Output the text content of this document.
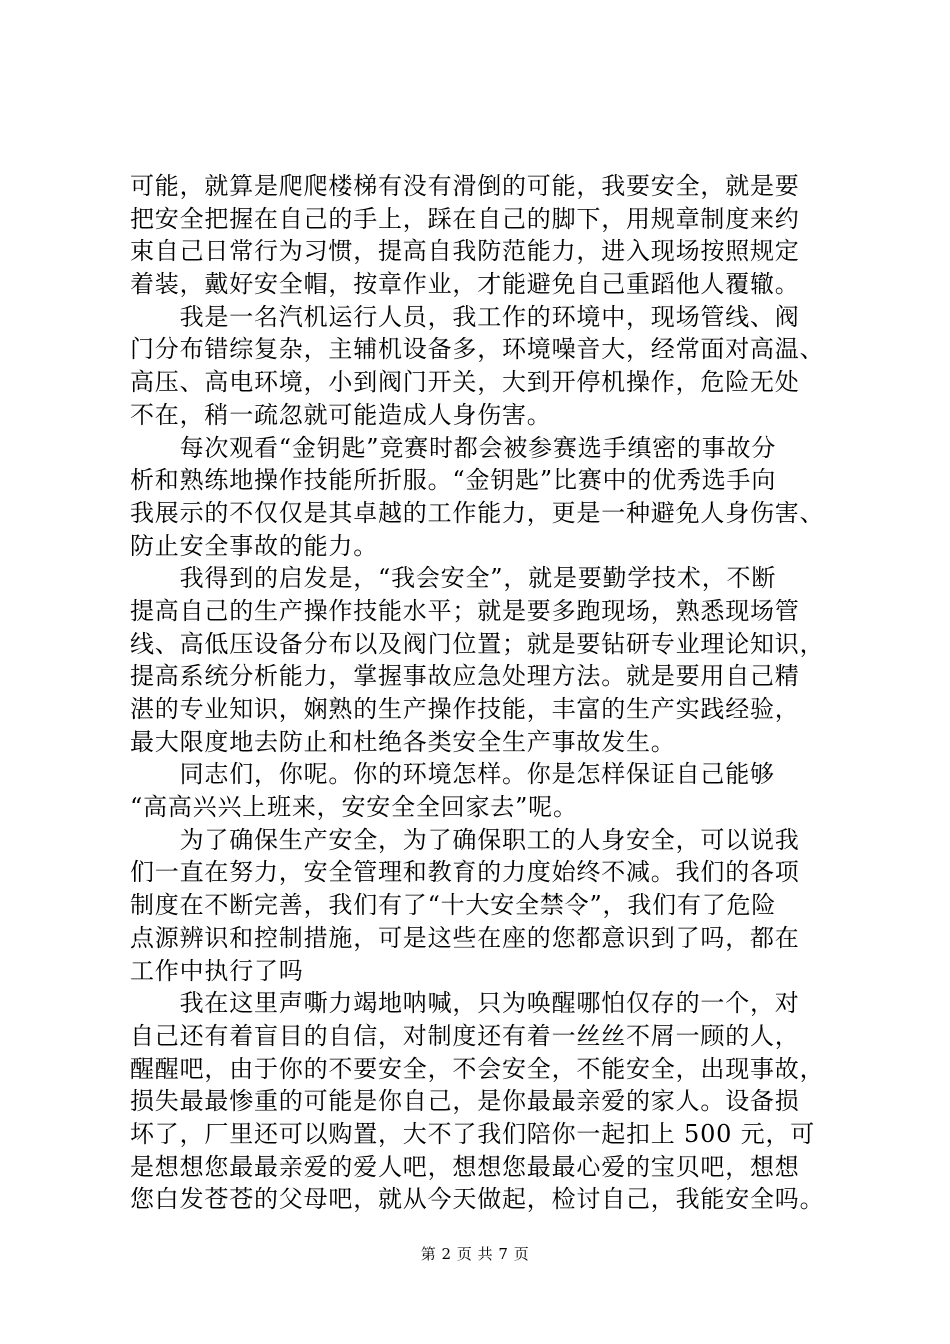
可能，就算是爬爬楼梯有没有滑倒的可能，我要安全，就是要
把安全把握在自己的手上，踩在自己的脚下，用规章制度来约
束自己日常行为习惯，提高自我防范能力，进入现场按照规定
着装，戴好安全帽，按章作业，才能避免自己重蹈他人覆辙。
　　我是一名汽机运行人员，我工作的环境中，现场管线、阀
门分布错综复杂，主辅机设备多，环境噪音大，经常面对高温、
高压、高电环境，小到阀门开关，大到开停机操作，危险无处
不在，稍一疏忽就可能造成人身伤害。
　　每次观看“金钥匙”竞赛时都会被参赛选手缜密的事故分
析和熟练地操作技能所折服。“金钥匙”比赛中的优秀选手向
我展示的不仅仅是其卓越的工作能力，更是一种避免人身伤害、
防止安全事故的能力。
　　我得到的启发是，“我会安全”，就是要勤学技术，不断
提高自己的生产操作技能水平；就是要多跑现场，熟悉现场管
线、高低压设备分布以及阀门位置；就是要钻研专业理论知识，
提高系统分析能力，掌握事故应急处理方法。就是要用自己精
湛的专业知识，娴熟的生产操作技能，丰富的生产实践经验，
最大限度地去防止和杜绝各类安全生产事故发生。
　　同志们，你呢。你的环境怎样。你是怎样保证自己能够
“高高兴兴上班来，安安全全回家去”呢。
　　为了确保生产安全，为了确保职工的人身安全，可以说我
们一直在努力，安全管理和教育的力度始终不减。我们的各项
制度在不断完善，我们有了“十大安全禁令”，我们有了危险
点源辨识和控制措施，可是这些在座的您都意识到了吗，都在
工作中执行了吗
　　我在这里声嘶力竭地呐喊，只为唤醒哪怕仅存的一个，对
自己还有着盲目的自信，对制度还有着一丝丝不屑一顾的人，
醒醒吧，由于你的不要安全，不会安全，不能安全，出现事故，
损失最最惨重的可能是你自己，是你最最亲爱的家人。设备损
坏了，厂里还可以购置，大不了我们陪你一起扣上 500 元，可
是想想您最最亲爱的爱人吧，想想您最最心爱的宝贝吧，想想
您白发苍苍的父母吧，就从今天做起，检讨自己，我能安全吗。
第 2 页 共 7 页
